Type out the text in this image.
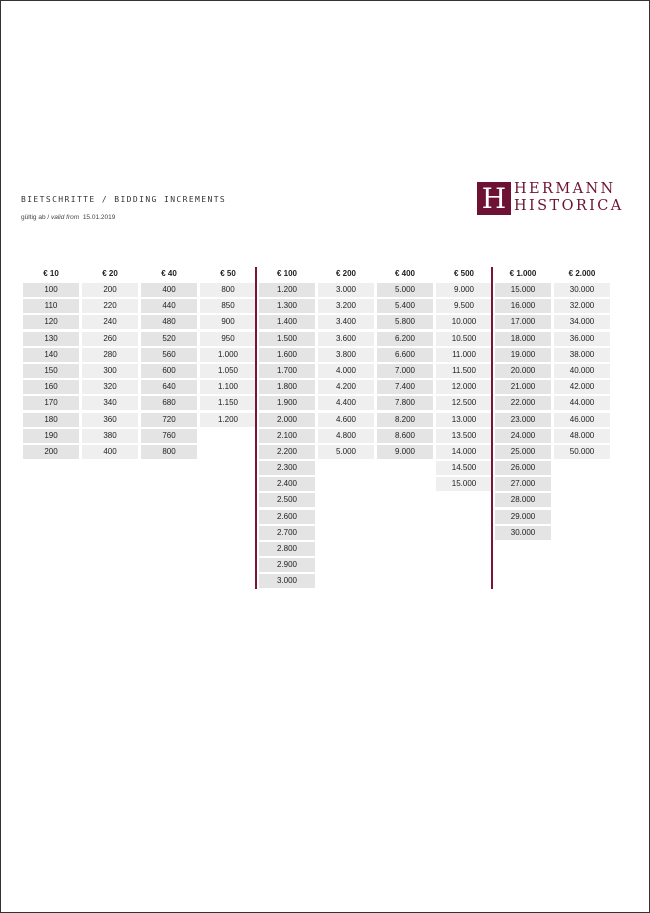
BIETSCHRITTE / BIDDING INCREMENTS
gültig ab / valid from 15.01.2019
H HERMANN
HISTORICA
€ 10
100
110
120
130
140
150
160
170
180
190
200
€ 20
200
220
240
260
280
300
320
340
360
380
400
€ 40
400
440
480
520
560
600
640
680
720
760
800
€ 50
800
850
900
950
1.000
1.050
1.100
1.150
1.200
€ 100
1.200
1.300
1.400
1.500
1.600
1.700
1.800
1.900
2.000
2.100
2.200
2.300
2.400
2.500
2.600
2.700
2.800
2.900
3.000
€ 200
3.000
3.200
3.400
3.600
3.800
4.000
4.200
4.400
4.600
4.800
5.000
€ 400
5.000
5.400
5.800
6.200
6.600
7.000
7.400
7.800
8.200
8.600
9.000
€ 500
9.000
9.500
10.000
10.500
11.000
11.500
12.000
12.500
13.000
13.500
14.000
14.500
15.000
€ 1.000
15.000
16.000
17.000
18.000
19.000
20.000
21.000
22.000
23.000
24.000
25.000
26.000
27.000
28.000
29.000
30.000
€ 2.000
30.000
32.000
34.000
36.000
38.000
40.000
42.000
44.000
46.000
48.000
50.000
